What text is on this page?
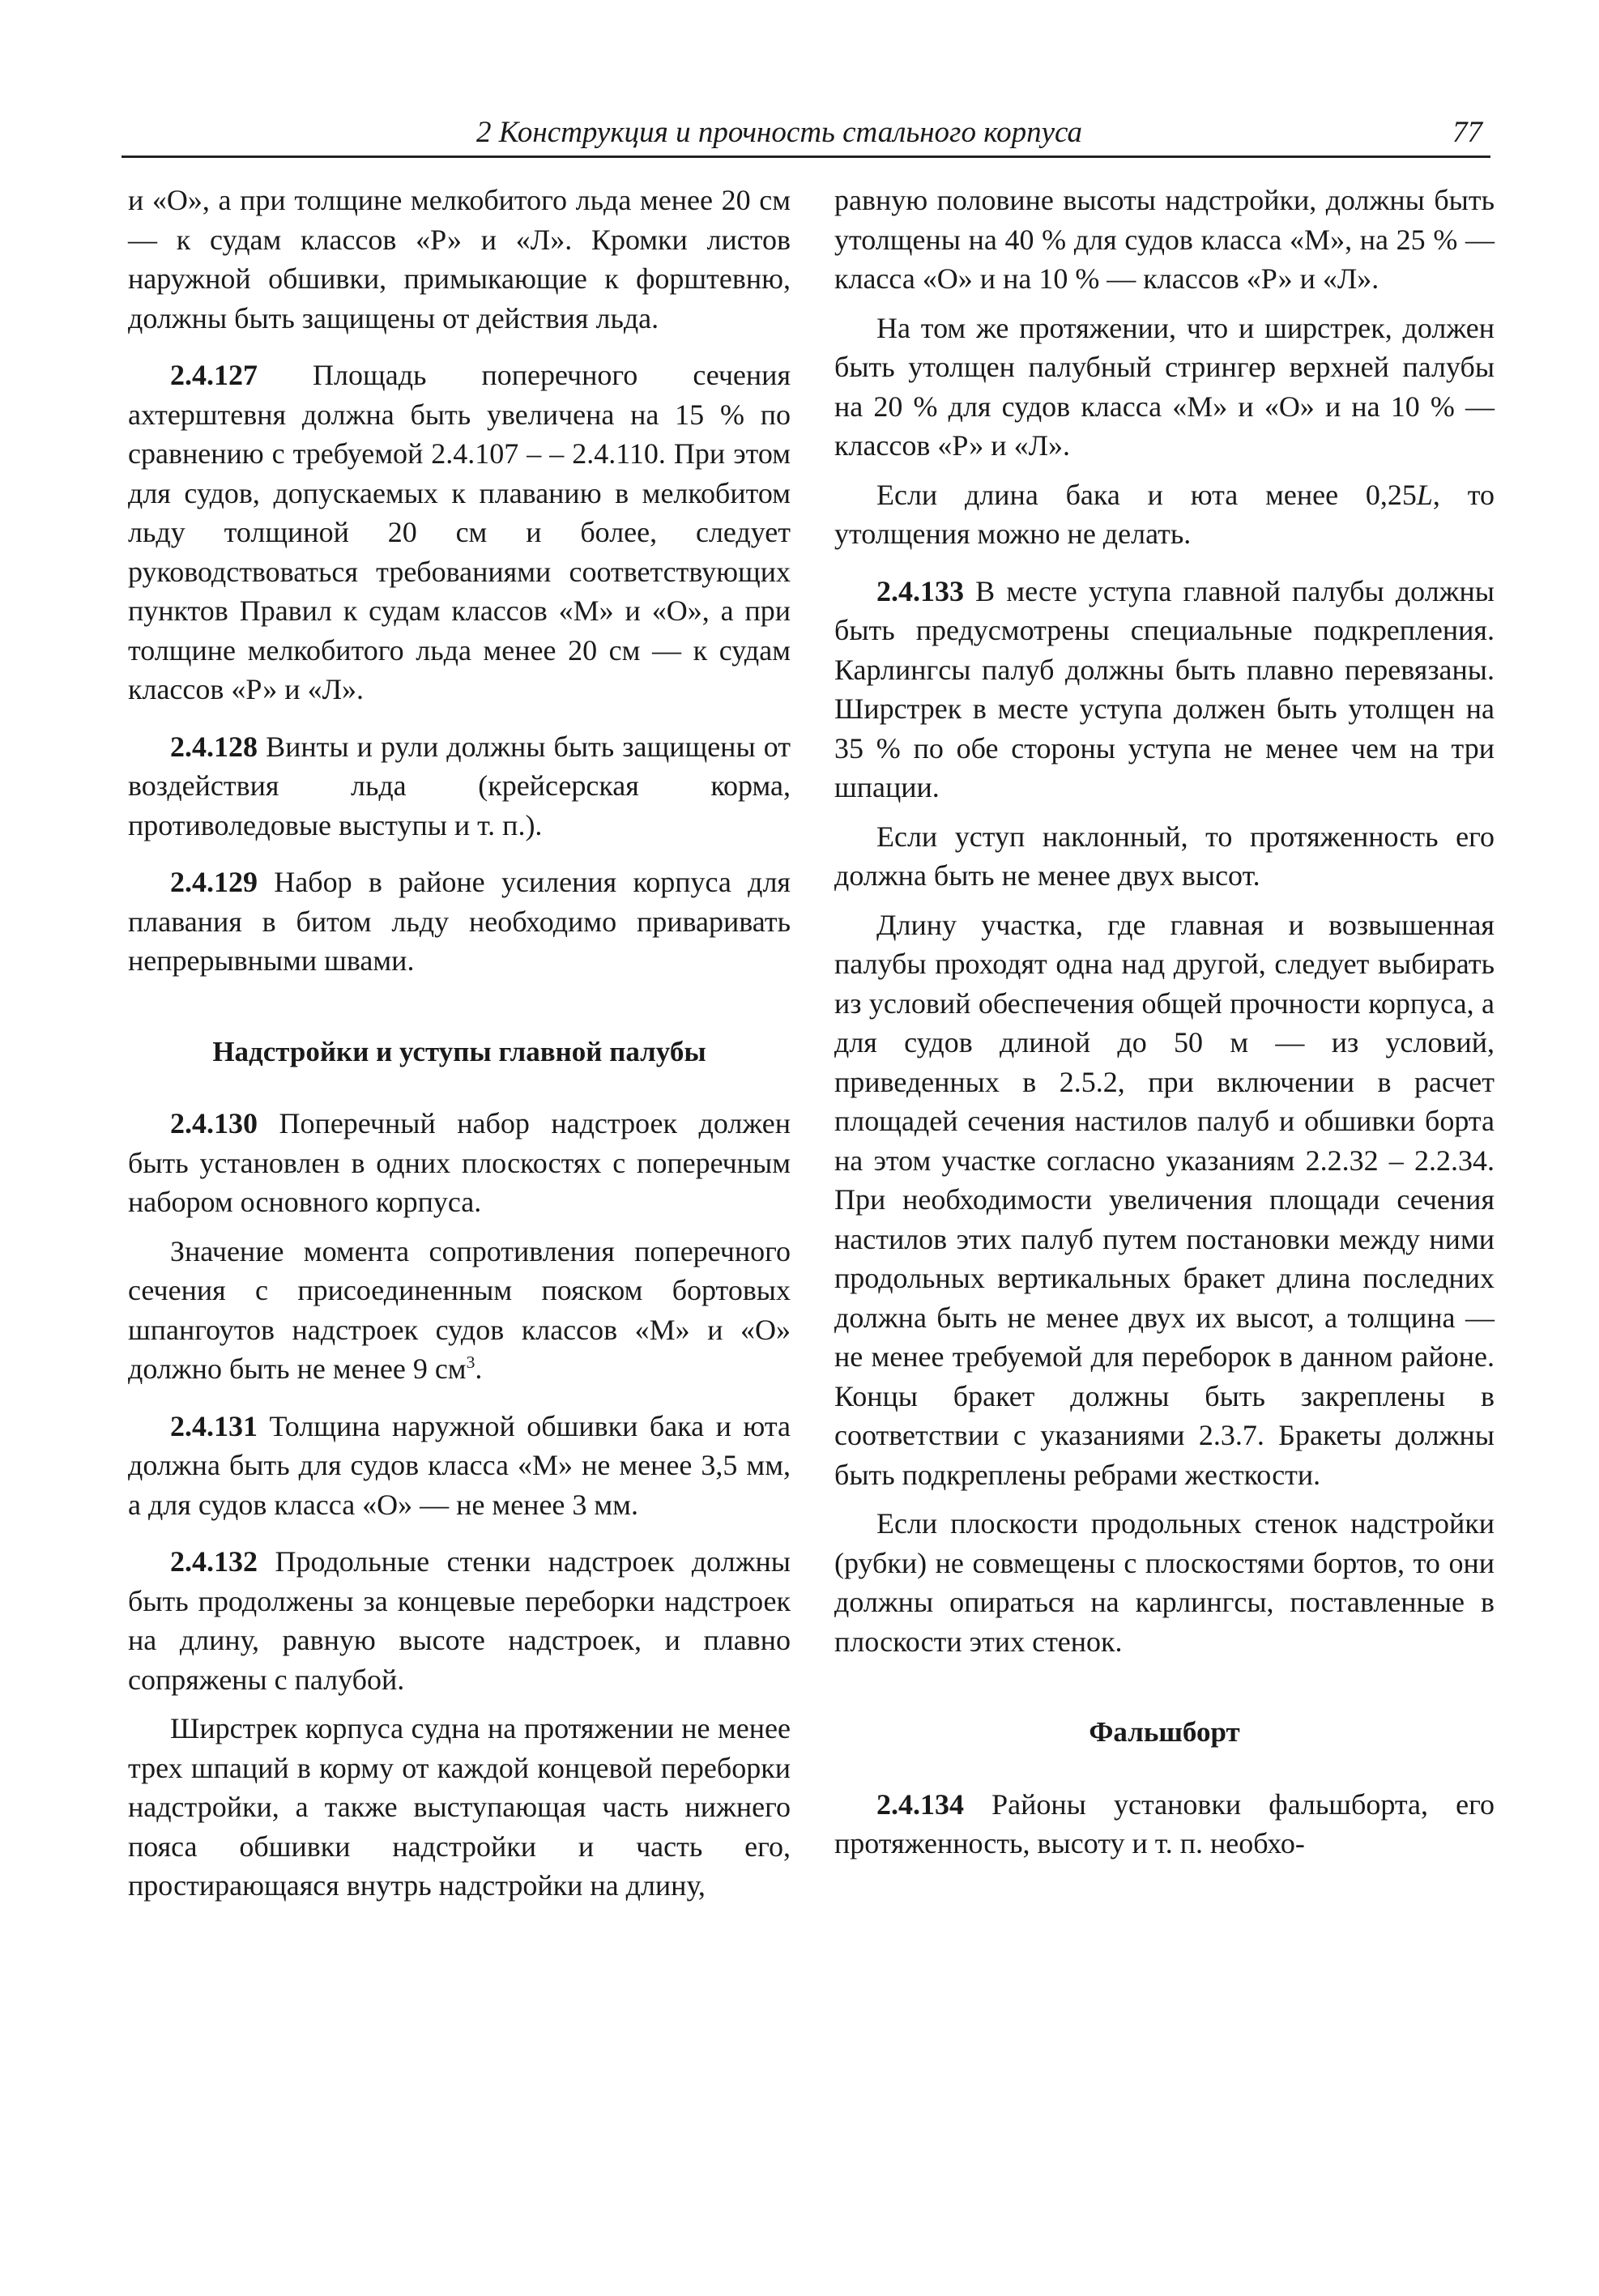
2 Конструкция и прочность стального корпуса	77

и «О», а при толщине мелкобитого льда менее 20 см — к судам классов «Р» и «Л». Кромки листов наружной обшивки, примыкающие к форштевню, должны быть защищены от действия льда.

2.4.127 Площадь поперечного сечения ахтерштевня должна быть увеличена на 15 % по сравнению с требуемой 2.4.107 – – 2.4.110. При этом для судов, допускаемых к плаванию в мелкобитом льду толщиной 20 см и более, следует руководствоваться требованиями соответствующих пунктов Правил к судам классов «М» и «О», а при толщине мелкобитого льда менее 20 см — к судам классов «Р» и «Л».

2.4.128 Винты и рули должны быть защищены от воздействия льда (крейсерская корма, противоледовые выступы и т. п.).

2.4.129 Набор в районе усиления корпуса для плавания в битом льду необходимо приваривать непрерывными швами.

Надстройки и уступы главной палубы

2.4.130 Поперечный набор надстроек должен быть установлен в одних плоскостях с поперечным набором основного корпуса.

Значение момента сопротивления поперечного сечения с присоединенным пояском бортовых шпангоутов надстроек судов классов «М» и «О» должно быть не менее 9 $см^3$.

2.4.131 Толщина наружной обшивки бака и юта должна быть для судов класса «М» не менее 3,5 мм, а для судов класса «О» — не менее 3 мм.

2.4.132 Продольные стенки надстроек должны быть продолжены за концевые переборки надстроек на длину, равную высоте надстроек, и плавно сопряжены с палубой.

Ширстрек корпуса судна на протяжении не менее трех шпаций в корму от каждой концевой переборки надстройки, а также выступающая часть нижнего пояса обшивки надстройки и часть его, простирающаяся внутрь надстройки на длину,

равную половине высоты надстройки, должны быть утолщены на 40 % для судов класса «М», на 25 % — класса «О» и на 10 % — классов «Р» и «Л».

На том же протяжении, что и ширстрек, должен быть утолщен палубный стрингер верхней палубы на 20 % для судов класса «М» и «О» и на 10 % — классов «Р» и «Л».

Если длина бака и юта менее 0,25L, то утолщения можно не делать.

2.4.133 В месте уступа главной палубы должны быть предусмотрены специальные подкрепления. Карлингсы палуб должны быть плавно перевязаны. Ширстрек в месте уступа должен быть утолщен на 35 % по обе стороны уступа не менее чем на три шпации.

Если уступ наклонный, то протяженность его должна быть не менее двух высот.

Длину участка, где главная и возвышенная палубы проходят одна над другой, следует выбирать из условий обеспечения общей прочности корпуса, а для судов длиной до 50 м — из условий, приведенных в 2.5.2, при включении в расчет площадей сечения настилов палуб и обшивки борта на этом участке согласно указаниям 2.2.32 – 2.2.34. При необходимости увеличения площади сечения настилов этих палуб путем постановки между ними продольных вертикальных бракет длина последних должна быть не менее двух их высот, а толщина — не менее требуемой для переборок в данном районе. Концы бракет должны быть закреплены в соответствии с указаниями 2.3.7. Бракеты должны быть подкреплены ребрами жесткости.

Если плоскости продольных стенок надстройки (рубки) не совмещены с плоскостями бортов, то они должны опираться на карлингсы, поставленные в плоскости этих стенок.

Фальшборт

2.4.134 Районы установки фальшборта, его протяженность, высоту и т. п. необхо-
